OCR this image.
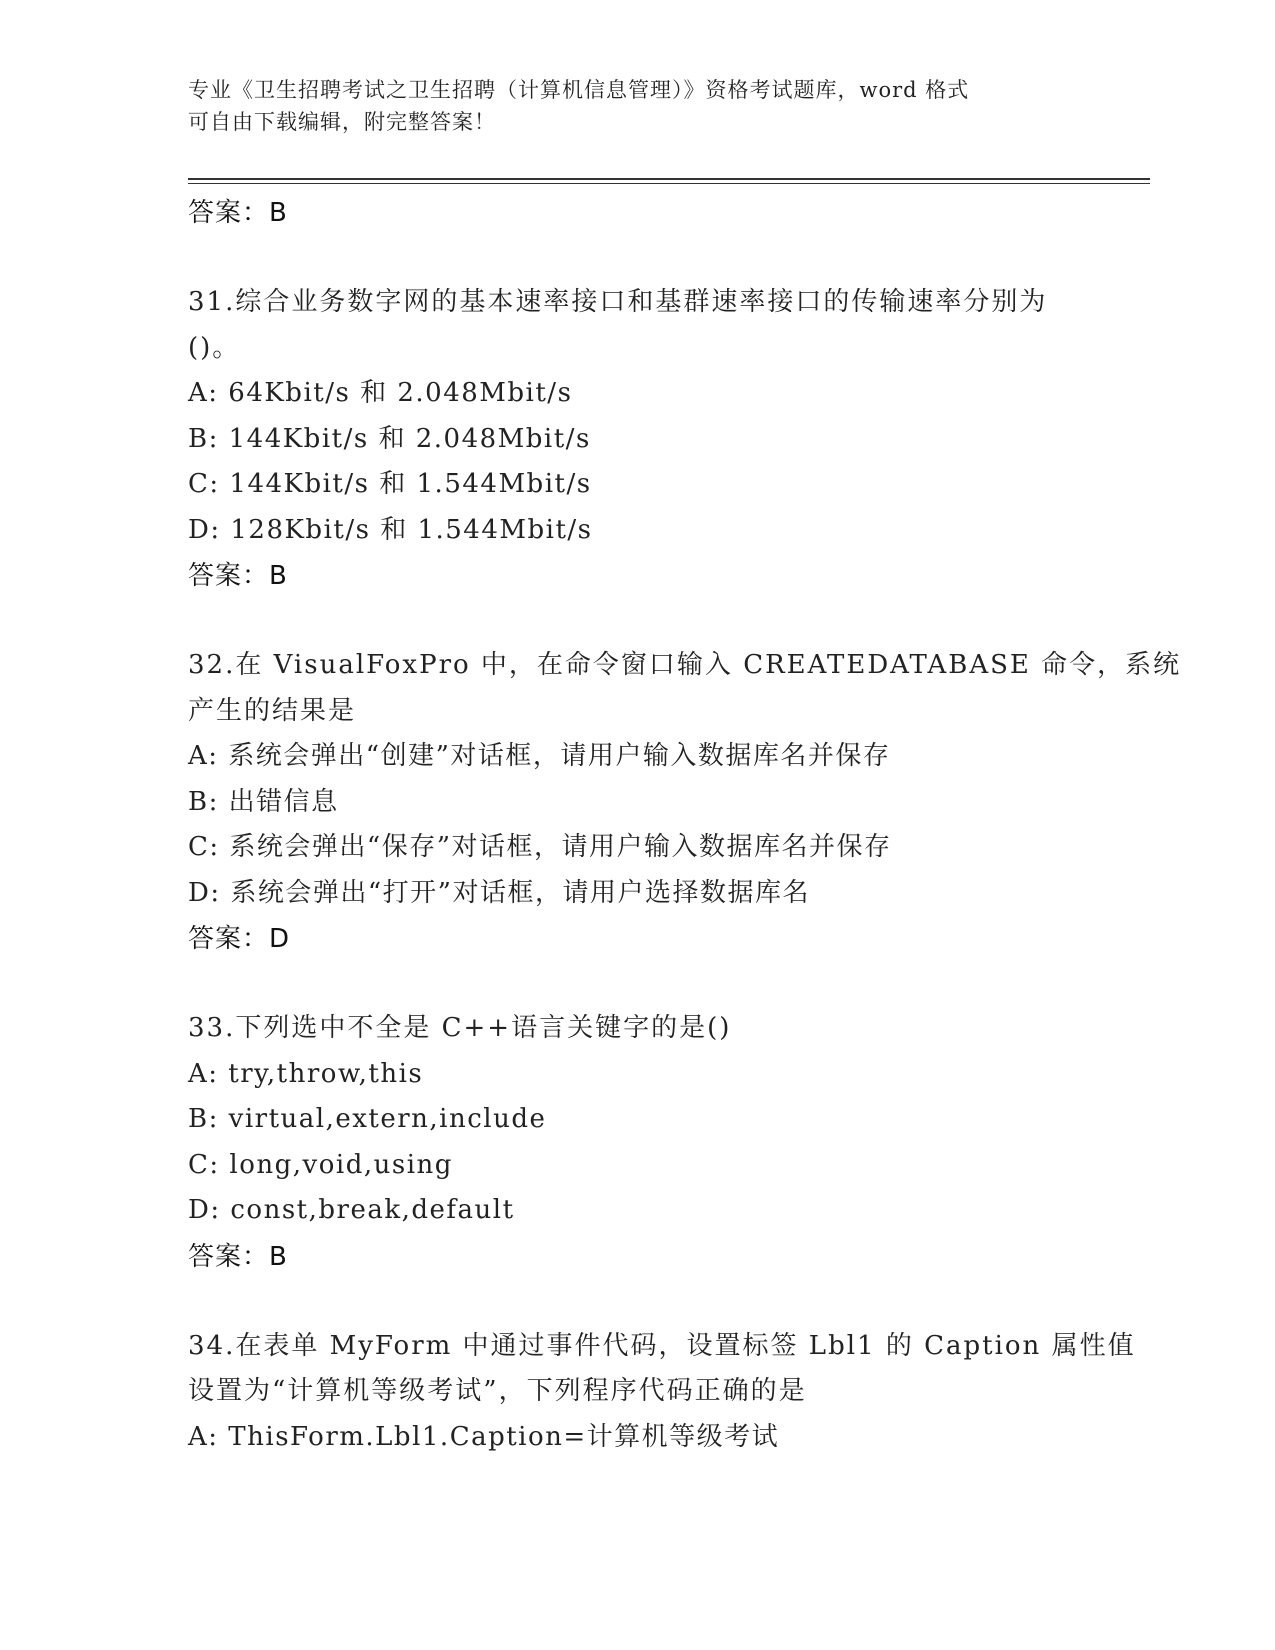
专业《卫生招聘考试之卫生招聘（计算机信息管理）》资格考试题库，word 格式
可自由下载编辑，附完整答案！
答案：B
31.综合业务数字网的基本速率接口和基群速率接口的传输速率分别为
()。
A: 64Kbit/s 和 2.048Mbit/s
B: 144Kbit/s 和 2.048Mbit/s
C: 144Kbit/s 和 1.544Mbit/s
D: 128Kbit/s 和 1.544Mbit/s
答案：B
32.在 VisualFoxPro 中，在命令窗口输入 CREATEDATABASE 命令，系统
产生的结果是
A: 系统会弹出“创建”对话框，请用户输入数据库名并保存
B: 出错信息
C: 系统会弹出“保存”对话框，请用户输入数据库名并保存
D: 系统会弹出“打开”对话框，请用户选择数据库名
答案：D
33.下列选中不全是 C++语言关键字的是()
A: try,throw,this
B: virtual,extern,include
C: long,void,using
D: const,break,default
答案：B
34.在表单 MyForm 中通过事件代码，设置标签 Lbl1 的 Caption 属性值
设置为“计算机等级考试”，下列程序代码正确的是
A: ThisForm.Lbl1.Caption=计算机等级考试
